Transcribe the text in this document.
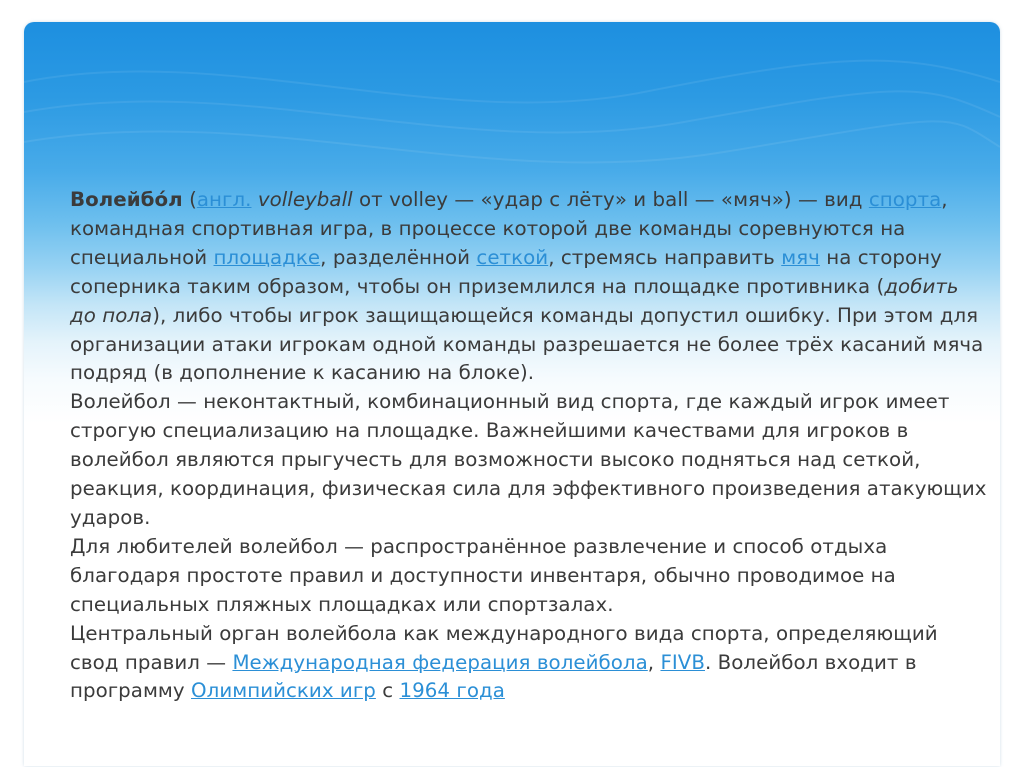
Волейбо́л (англ. volleyball от volley — «удар с лёту» и ball — «мяч») — вид спорта, командная спортивная игра, в процессе которой две команды соревнуются на специальной площадке, разделённой сеткой, стремясь направить мяч на сторону соперника таким образом, чтобы он приземлился на площадке противника (добить до пола), либо чтобы игрок защищающейся команды допустил ошибку. При этом для организации атаки игрокам одной команды разрешается не более трёх касаний мяча подряд (в дополнение к касанию на блоке).

Волейбол — неконтактный, комбинационный вид спорта, где каждый игрок имеет строгую специализацию на площадке. Важнейшими качествами для игроков в волейбол являются прыгучесть для возможности высоко подняться над сеткой, реакция, координация, физическая сила для эффективного произведения атакующих ударов.

Для любителей волейбол — распространённое развлечение и способ отдыха благодаря простоте правил и доступности инвентаря, обычно проводимое на специальных пляжных площадках или спортзалах.

Центральный орган волейбола как международного вида спорта, определяющий свод правил — Международная федерация волейбола, FIVB. Волейбол входит в программу Олимпийских игр с 1964 года
